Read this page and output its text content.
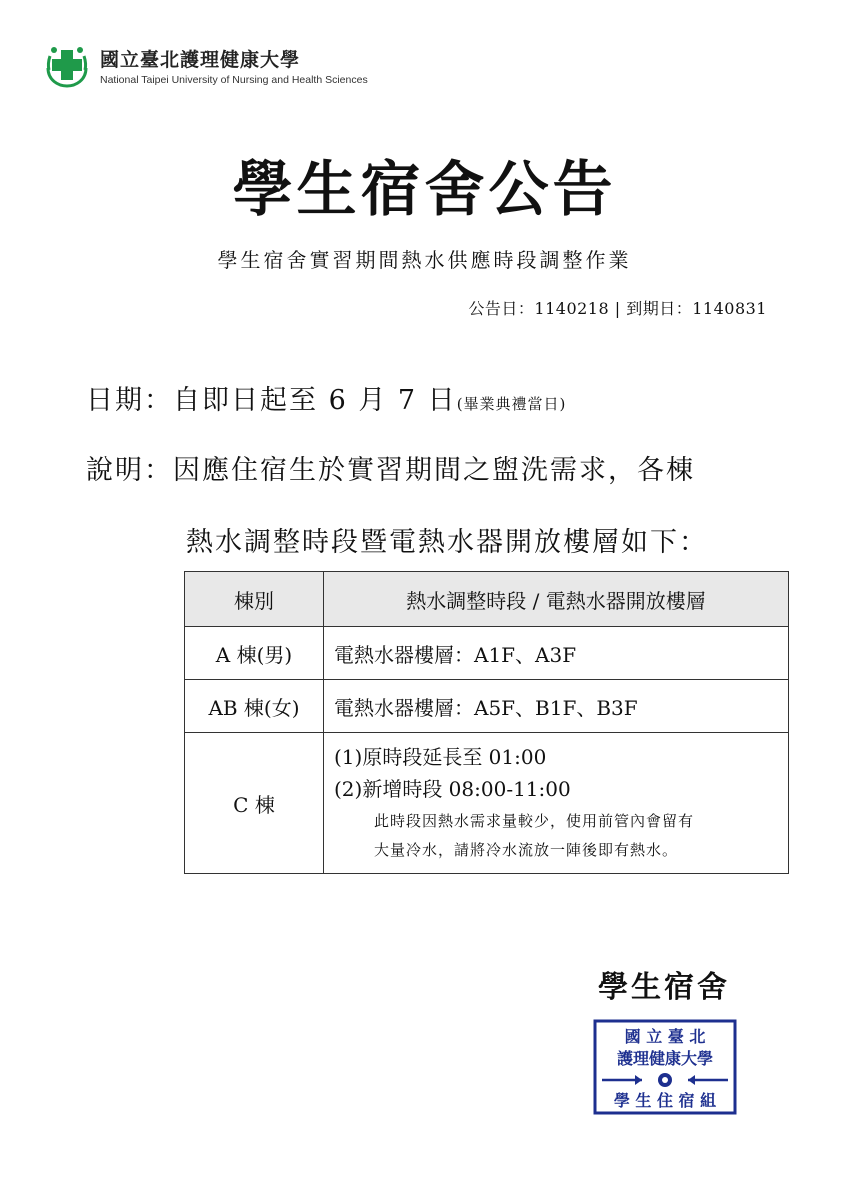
國立臺北護理健康大學
National Taipei University of Nursing and Health Sciences
學生宿舍公告
學生宿舍實習期間熱水供應時段調整作業
公告日：1140218 | 到期日：1140831
日期：自即日起至 6 月 7 日(畢業典禮當日)
說明：因應住宿生於實習期間之盥洗需求，各棟
熱水調整時段暨電熱水器開放樓層如下：
棟別	熱水調整時段 / 電熱水器開放樓層
A 棟(男)	電熱水器樓層：A1F、A3F
AB 棟(女)	電熱水器樓層：A5F、B1F、B3F
C 棟	(1)原時段延長至 01:00
(2)新增時段 08:00-11:00
此時段因熱水需求量較少，使用前管內會留有
大量冷水，請將冷水流放一陣後即有熱水。
學生宿舍
國 立 臺 北
護理健康大學
學 生 住 宿 組
